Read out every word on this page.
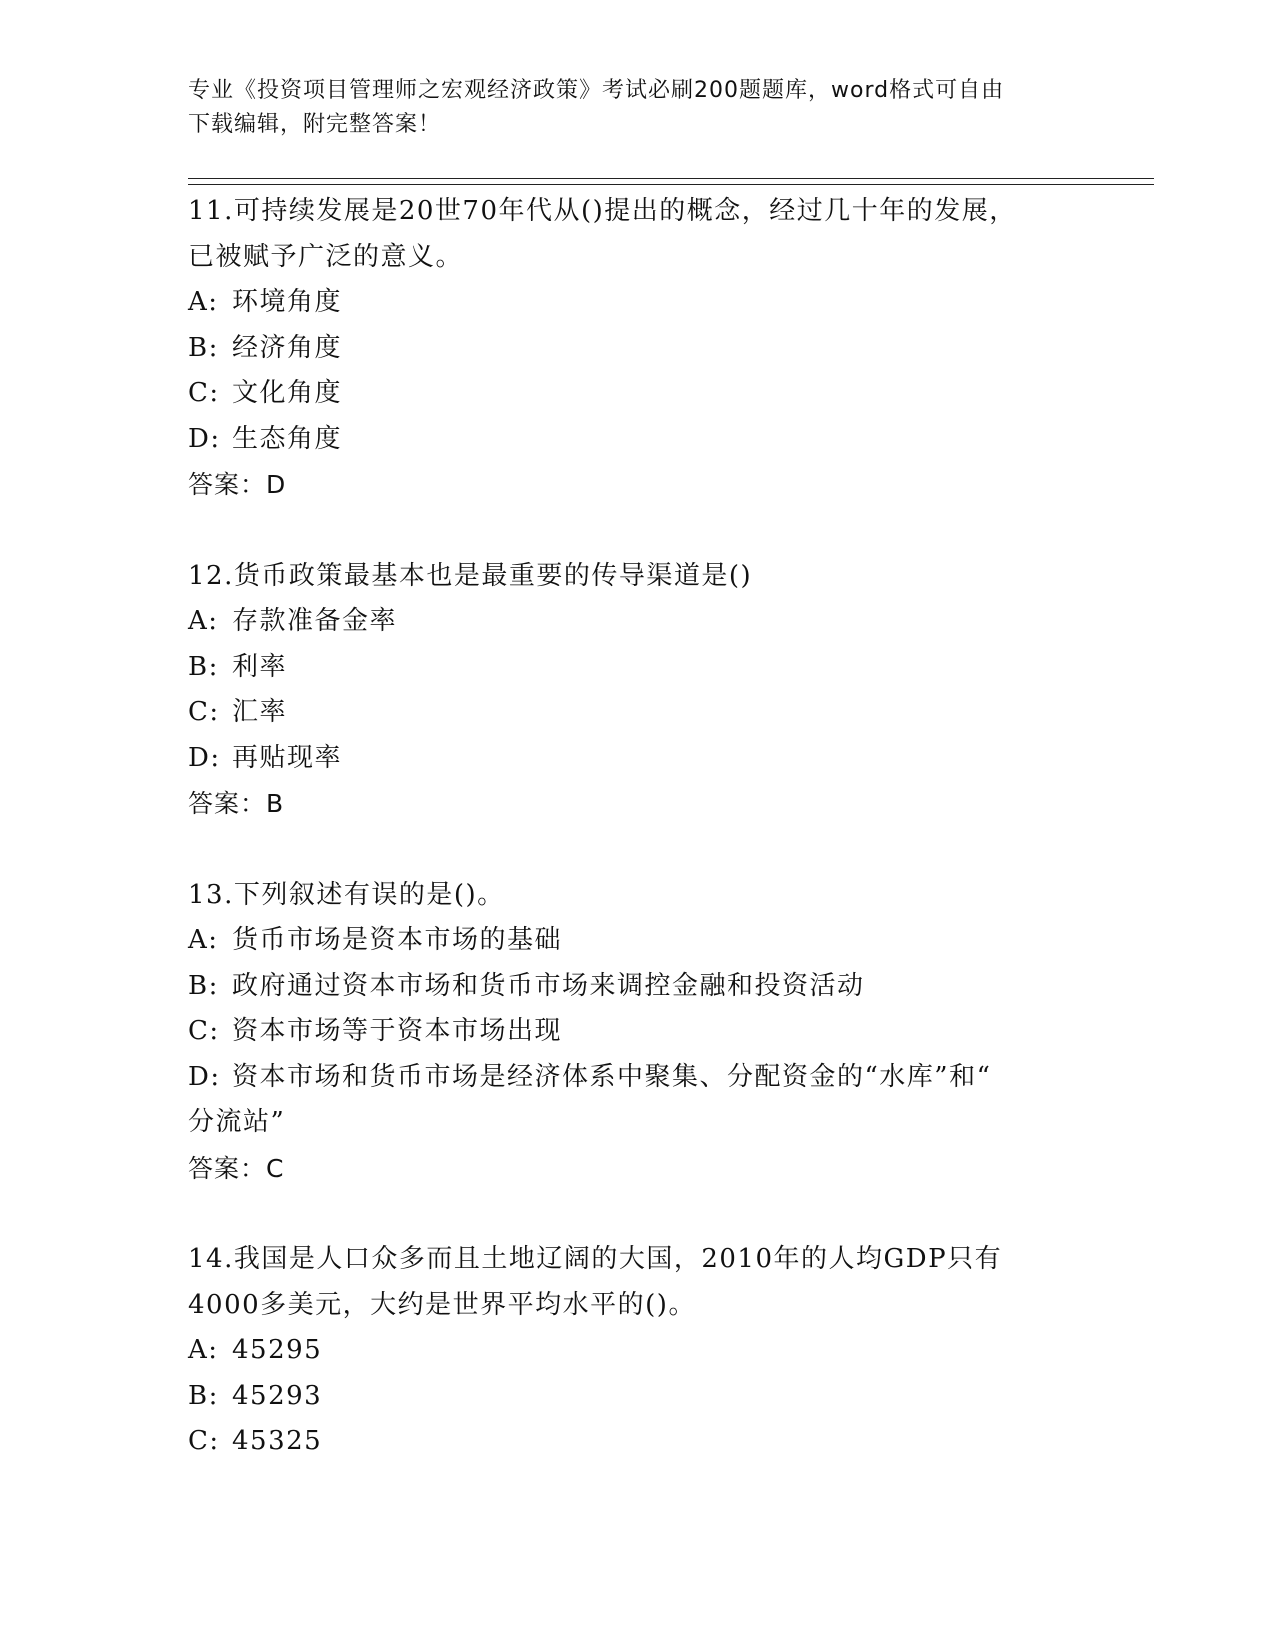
专业《投资项目管理师之宏观经济政策》考试必刷200题题库，word格式可自由
下载编辑，附完整答案！
11.可持续发展是20世70年代从()提出的概念，经过几十年的发展，
已被赋予广泛的意义。
A: 环境角度
B: 经济角度
C: 文化角度
D: 生态角度
答案：D
12.货币政策最基本也是最重要的传导渠道是()
A: 存款准备金率
B: 利率
C: 汇率
D: 再贴现率
答案：B
13.下列叙述有误的是()。
A: 货币市场是资本市场的基础
B: 政府通过资本市场和货币市场来调控金融和投资活动
C: 资本市场等于资本市场出现
D: 资本市场和货币市场是经济体系中聚集、分配资金的“水库”和“
分流站”
答案：C
14.我国是人口众多而且土地辽阔的大国，2010年的人均GDP只有
4000多美元，大约是世界平均水平的()。
A: 45295
B: 45293
C: 45325
